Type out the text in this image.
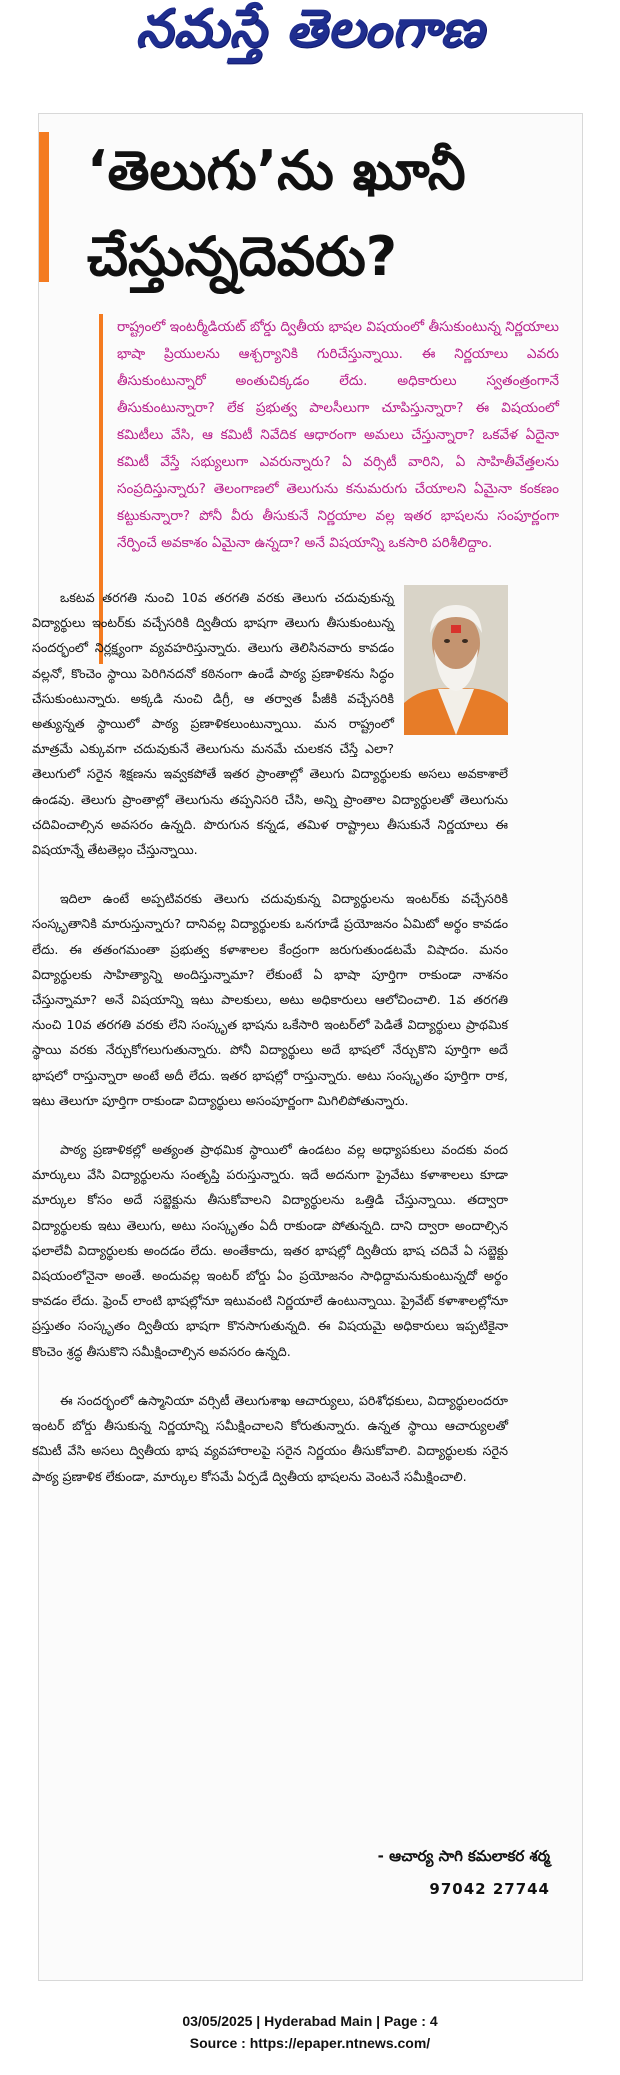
నమస్తే తెలంగాణ
‘తెలుగు’ను ఖూనీ
చేస్తున్నదెవరు?
రాష్ట్రంలో ఇంటర్మీడియట్ బోర్డు ద్వితీయ భాషల విషయంలో తీసుకుంటున్న నిర్ణయాలు భాషా ప్రియులను ఆశ్చర్యానికి గురిచేస్తున్నాయి. ఈ నిర్ణయాలు ఎవరు తీసుకుంటున్నారో అంతుచిక్కడం లేదు. అధికారులు స్వతంత్రంగానే తీసుకుంటున్నారా? లేక ప్రభుత్వ పాలసీలుగా చూపిస్తున్నారా? ఈ విషయంలో కమిటీలు వేసి, ఆ కమిటీ నివేదిక ఆధారంగా అమలు చేస్తున్నారా? ఒకవేళ ఏదైనా కమిటీ వేస్తే సభ్యులుగా ఎవరున్నారు? ఏ వర్సిటీ వారిని, ఏ సాహితీవేత్తలను సంప్రదిస్తున్నారు? తెలంగాణలో తెలుగును కనుమరుగు చేయాలని ఏమైనా కంకణం కట్టుకున్నారా? పోనీ వీరు తీసుకునే నిర్ణయాల వల్ల ఇతర భాషలను సంపూర్ణంగా నేర్పించే అవకాశం ఏమైనా ఉన్నదా? అనే విషయాన్ని ఒకసారి పరిశీలిద్దాం.

ఒకటవ తరగతి నుంచి 10వ తరగతి వరకు తెలుగు చదువుకున్న విద్యార్థులు ఇంటర్‌కు వచ్చేసరికి ద్వితీయ భాషగా తెలుగు తీసుకుంటున్న సందర్భంలో నిర్లక్ష్యంగా వ్యవహరిస్తున్నారు. తెలుగు తెలిసినవారు కావడం వల్లనో, కొంచెం స్థాయి పెరిగినదనో కఠినంగా ఉండే పాఠ్య ప్రణాళికను సిద్ధం చేసుకుంటున్నారు. అక్కడి నుంచి డిగ్రీ, ఆ తర్వాత పీజీకి వచ్చేసరికి అత్యున్నత స్థాయిలో పాఠ్య ప్రణాళికలుంటున్నాయి. మన రాష్ట్రంలో మాత్రమే ఎక్కువగా చదువుకునే తెలుగును మనమే చులకన చేస్తే ఎలా? తెలుగులో సరైన శిక్షణను ఇవ్వకపోతే ఇతర ప్రాంతాల్లో తెలుగు విద్యార్థులకు అసలు అవకాశాలే ఉండవు. తెలుగు ప్రాంతాల్లో తెలుగును తప్పనిసరి చేసి, అన్ని ప్రాంతాల విద్యార్థులతో తెలుగును చదివించాల్సిన అవసరం ఉన్నది. పొరుగున కన్నడ, తమిళ రాష్ట్రాలు తీసుకునే నిర్ణయాలు ఈ విషయాన్నే తేటతెల్లం చేస్తున్నాయి.

ఇదిలా ఉంటే అప్పటివరకు తెలుగు చదువుకున్న విద్యార్థులను ఇంటర్‌కు వచ్చేసరికి సంస్కృతానికి మారుస్తున్నారు? దానివల్ల విద్యార్థులకు ఒనగూడే ప్రయోజనం ఏమిటో అర్థం కావడం లేదు. ఈ తతంగమంతా ప్రభుత్వ కళాశాలల కేంద్రంగా జరుగుతుండటమే విషాదం. మనం విద్యార్థులకు సాహిత్యాన్ని అందిస్తున్నామా? లేకుంటే ఏ భాషా పూర్తిగా రాకుండా నాశనం చేస్తున్నామా? అనే విషయాన్ని ఇటు పాలకులు, అటు అధికారులు ఆలోచించాలి. 1వ తరగతి నుంచి 10వ తరగతి వరకు లేని సంస్కృత భాషను ఒకేసారి ఇంటర్‌లో పెడితే విద్యార్థులు ప్రాథమిక స్థాయి వరకు నేర్చుకోగలుగుతున్నారు. పోనీ విద్యార్థులు అదే భాషలో నేర్చుకొని పూర్తిగా అదే భాషలో రాస్తున్నారా అంటే అదీ లేదు. ఇతర భాషల్లో రాస్తున్నారు. అటు సంస్కృతం పూర్తిగా రాక, ఇటు తెలుగూ పూర్తిగా రాకుండా విద్యార్థులు అసంపూర్ణంగా మిగిలిపోతున్నారు.

పాఠ్య ప్రణాళికల్లో అత్యంత ప్రాథమిక స్థాయిలో ఉండటం వల్ల అధ్యాపకులు వందకు వంద మార్కులు వేసి విద్యార్థులను సంతృప్తి పరుస్తున్నారు. ఇదే అదనుగా ప్రైవేటు కళాశాలలు కూడా మార్కుల కోసం అదే సబ్జెక్టును తీసుకోవాలని విద్యార్థులను ఒత్తిడి చేస్తున్నాయి. తద్వారా విద్యార్థులకు ఇటు తెలుగు, అటు సంస్కృతం ఏదీ రాకుండా పోతున్నది. దాని ద్వారా అందాల్సిన ఫలాలేవీ విద్యార్థులకు అందడం లేదు. అంతేకాదు, ఇతర భాషల్లో ద్వితీయ భాష చదివే ఏ సబ్జెక్టు విషయంలోనైనా అంతే. అందువల్ల ఇంటర్ బోర్డు ఏం ప్రయోజనం సాధిద్దామనుకుంటున్నదో అర్థం కావడం లేదు. ఫ్రెంచ్ లాంటి భాషల్లోనూ ఇటువంటి నిర్ణయాలే ఉంటున్నాయి. ప్రైవేట్ కళాశాలల్లోనూ ప్రస్తుతం సంస్కృతం ద్వితీయ భాషగా కొనసాగుతున్నది. ఈ విషయమై అధికారులు ఇప్పటికైనా కొంచెం శ్రద్ధ తీసుకొని సమీక్షించాల్సిన అవసరం ఉన్నది.

ఈ సందర్భంలో ఉస్మానియా వర్సిటీ తెలుగుశాఖ ఆచార్యులు, పరిశోధకులు, విద్యార్థులందరూ ఇంటర్ బోర్డు తీసుకున్న నిర్ణయాన్ని సమీక్షించాలని కోరుతున్నారు. ఉన్నత స్థాయి ఆచార్యులతో కమిటీ వేసి అసలు ద్వితీయ భాష వ్యవహారాలపై సరైన నిర్ణయం తీసుకోవాలి. విద్యార్థులకు సరైన పాఠ్య ప్రణాళిక లేకుండా, మార్కుల కోసమే ఏర్పడే ద్వితీయ భాషలను వెంటనే సమీక్షించాలి.

- ఆచార్య సాగి కమలాకర శర్మ
97042 27744
03/05/2025 | Hyderabad Main | Page : 4
Source : https://epaper.ntnews.com/
